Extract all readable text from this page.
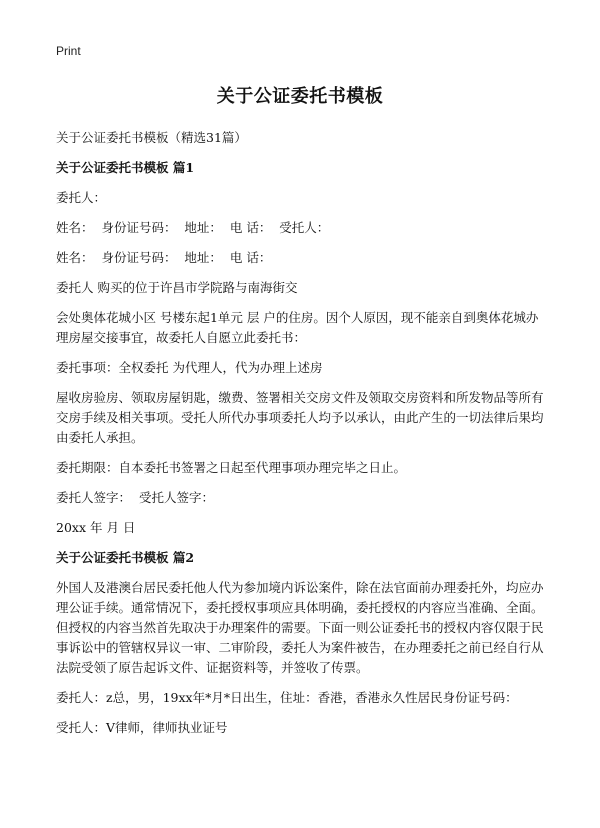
Print
关于公证委托书模板
关于公证委托书模板（精选31篇）
关于公证委托书模板 篇1
委托人：
姓名：  身份证号码：  地址：  电 话：  受托人：
姓名：  身份证号码：  地址：  电 话：
委托人 购买的位于许昌市学院路与南海街交
会处奥体花城小区 号楼东起1单元 层 户的住房。因个人原因，现不能亲自到奥体花城办理房屋交接事宜，故委托人自愿立此委托书：
委托事项：全权委托 为代理人，代为办理上述房
屋收房验房、领取房屋钥匙，缴费、签署相关交房文件及领取交房资料和所发物品等所有交房手续及相关事项。受托人所代办事项委托人均予以承认，由此产生的一切法律后果均由委托人承担。
委托期限：自本委托书签署之日起至代理事项办理完毕之日止。
委托人签字：  受托人签字：
20xx 年 月 日
关于公证委托书模板 篇2
外国人及港澳台居民委托他人代为参加境内诉讼案件，除在法官面前办理委托外，均应办理公证手续。通常情况下，委托授权事项应具体明确，委托授权的内容应当准确、全面。但授权的内容当然首先取决于办理案件的需要。下面一则公证委托书的授权内容仅限于民事诉讼中的管辖权异议一审、二审阶段，委托人为案件被告，在办理委托之前已经自行从法院受领了原告起诉文件、证据资料等，并签收了传票。
委托人：z总，男，19xx年*月*日出生，住址：香港，香港永久性居民身份证号码：
受托人：V律师，律师执业证号
